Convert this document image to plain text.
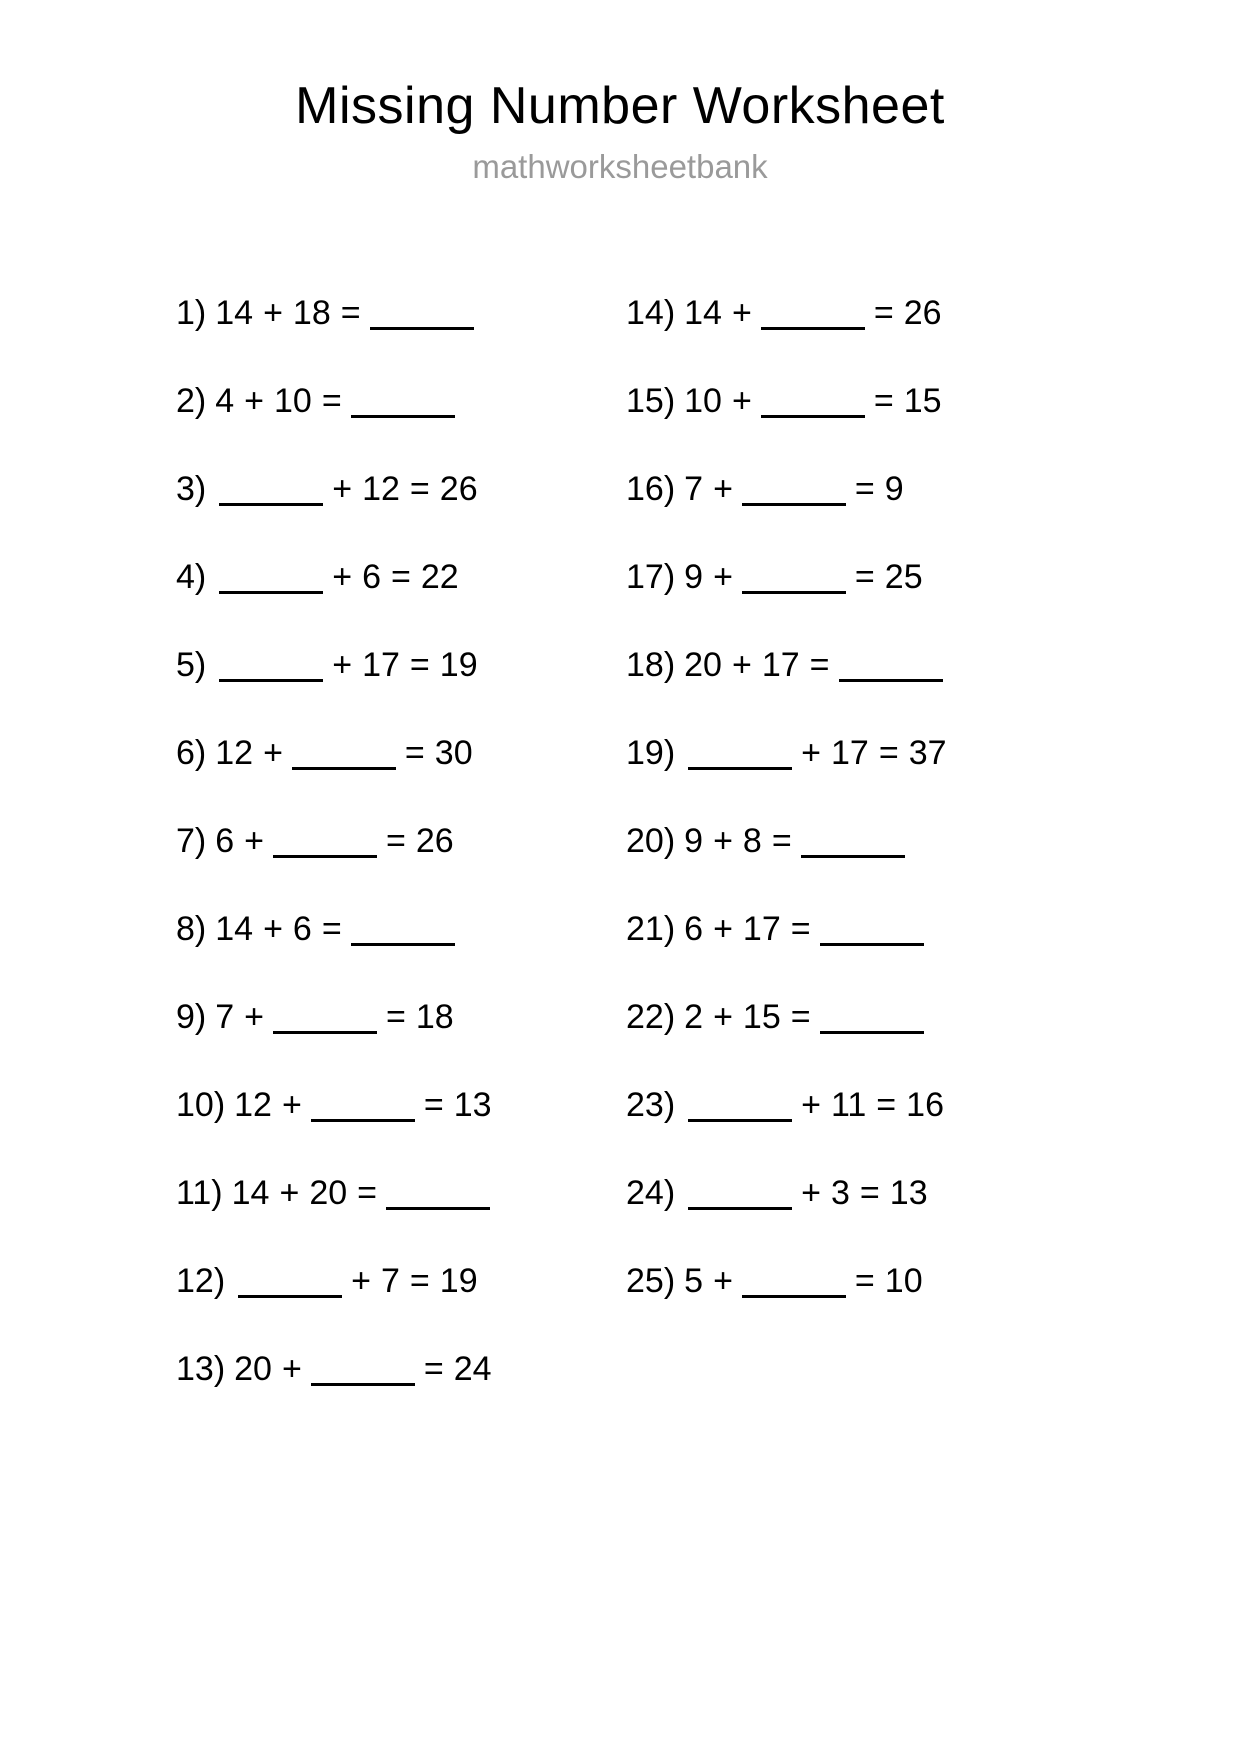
Missing Number Worksheet
mathworksheetbank
1) 14 + 18 =
2) 4 + 10 =
3)	+ 12 = 26
4)	+ 6 = 22
5)	+ 17 = 19
6) 12 +	= 30
7) 6 +	= 26
8) 14 + 6 =
9) 7 +	= 18
10) 12 +	= 13
11) 14 + 20 =
12)	+ 7 = 19
13) 20 +	= 24
14) 14 +	= 26
15) 10 +	= 15
16) 7 +	= 9
17) 9 +	= 25
18) 20 + 17 =
19)	+ 17 = 37
20) 9 + 8 =
21) 6 + 17 =
22) 2 + 15 =
23)	+ 11 = 16
24)	+ 3 = 13
25) 5 +	= 10
